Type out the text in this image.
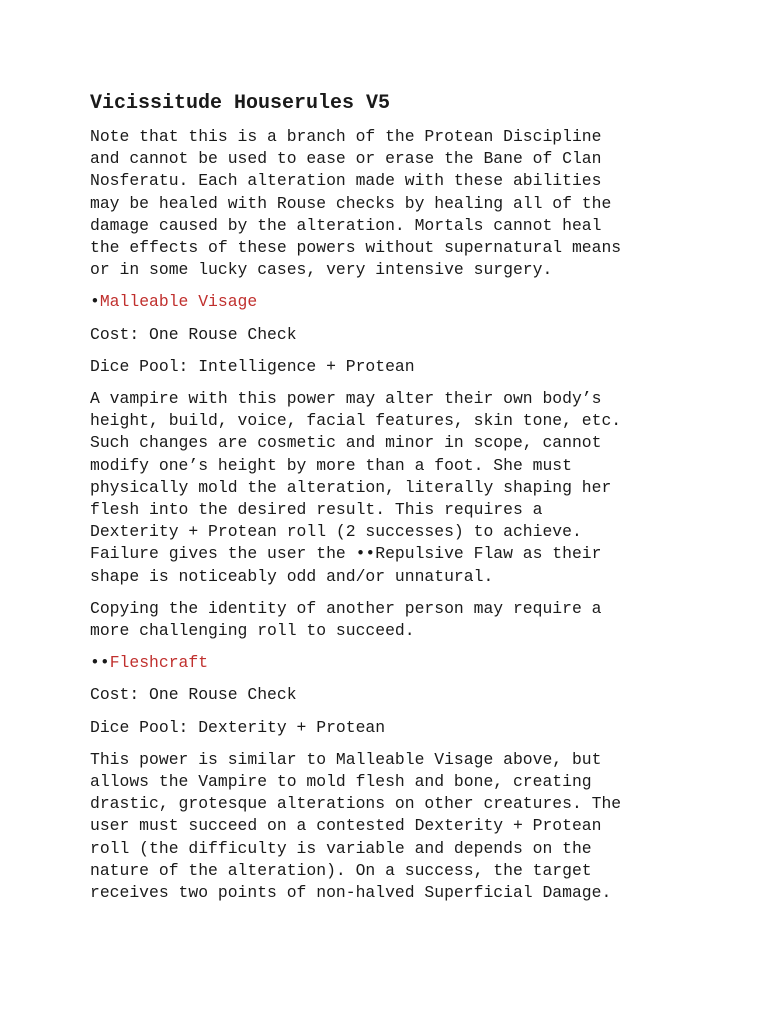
Vicissitude Houserules V5

Note that this is a branch of the Protean Discipline
and cannot be used to ease or erase the Bane of Clan
Nosferatu. Each alteration made with these abilities
may be healed with Rouse checks by healing all of the
damage caused by the alteration. Mortals cannot heal
the effects of these powers without supernatural means
or in some lucky cases, very intensive surgery.

•Malleable Visage

Cost: One Rouse Check

Dice Pool: Intelligence + Protean

A vampire with this power may alter their own body’s
height, build, voice, facial features, skin tone, etc.
Such changes are cosmetic and minor in scope, cannot
modify one’s height by more than a foot. She must
physically mold the alteration, literally shaping her
flesh into the desired result. This requires a
Dexterity + Protean roll (2 successes) to achieve.
Failure gives the user the ••Repulsive Flaw as their
shape is noticeably odd and/or unnatural.

Copying the identity of another person may require a
more challenging roll to succeed.

••Fleshcraft

Cost: One Rouse Check

Dice Pool: Dexterity + Protean

This power is similar to Malleable Visage above, but
allows the Vampire to mold flesh and bone, creating
drastic, grotesque alterations on other creatures. The
user must succeed on a contested Dexterity + Protean
roll (the difficulty is variable and depends on the
nature of the alteration). On a success, the target
receives two points of non-halved Superficial Damage.
